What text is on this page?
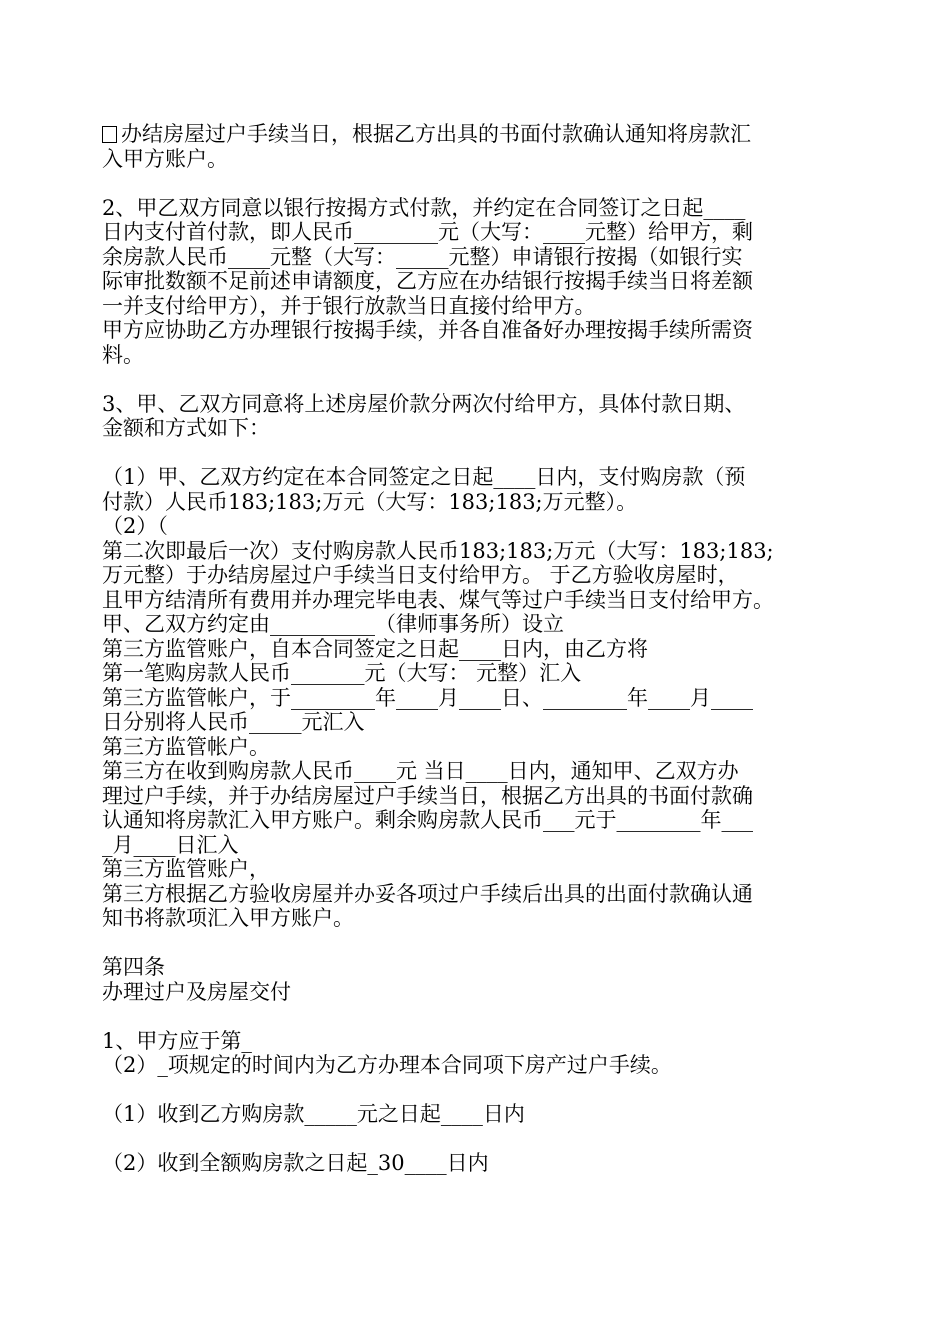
办结房屋过户手续当日，根据乙方出具的书面付款确认通知将房款汇
入甲方账户。
2、甲乙双方同意以银行按揭方式付款，并约定在合同签订之日起____
日内支付首付款，即人民币________元（大写：____元整）给甲方，剩
余房款人民币____元整（大写：_____元整）申请银行按揭（如银行实
际审批数额不足前述申请额度，乙方应在办结银行按揭手续当日将差额
一并支付给甲方），并于银行放款当日直接付给甲方。
甲方应协助乙方办理银行按揭手续，并各自准备好办理按揭手续所需资
料。
3、甲、乙双方同意将上述房屋价款分两次付给甲方，具体付款日期、
金额和方式如下：
（1）甲、乙双方约定在本合同签定之日起____日内，支付购房款（预
付款）人民币183;183;万元（大写：183;183;万元整）。
（2）（
第二次即最后一次）支付购房款人民币183;183;万元（大写：183;183;
万元整）于办结房屋过户手续当日支付给甲方。 于乙方验收房屋时，
且甲方结清所有费用并办理完毕电表、煤气等过户手续当日支付给甲方。
甲、乙双方约定由__________（律师事务所）设立
第三方监管账户，自本合同签定之日起____日内，由乙方将
第一笔购房款人民币_______元（大写： 元整）汇入
第三方监管帐户，于________年____月____日、________年____月____
日分别将人民币_____元汇入
第三方监管帐户。
第三方在收到购房款人民币____元 当日____日内，通知甲、乙双方办
理过户手续，并于办结房屋过户手续当日，根据乙方出具的书面付款确
认通知将房款汇入甲方账户。剩余购房款人民币___元于________年___
_月____日汇入
第三方监管账户，
第三方根据乙方验收房屋并办妥各项过户手续后出具的出面付款确认通
知书将款项汇入甲方账户。
第四条
办理过户及房屋交付
1、甲方应于第_
（2）_项规定的时间内为乙方办理本合同项下房产过户手续。
（1）收到乙方购房款_____元之日起____日内
（2）收到全额购房款之日起_30____日内
